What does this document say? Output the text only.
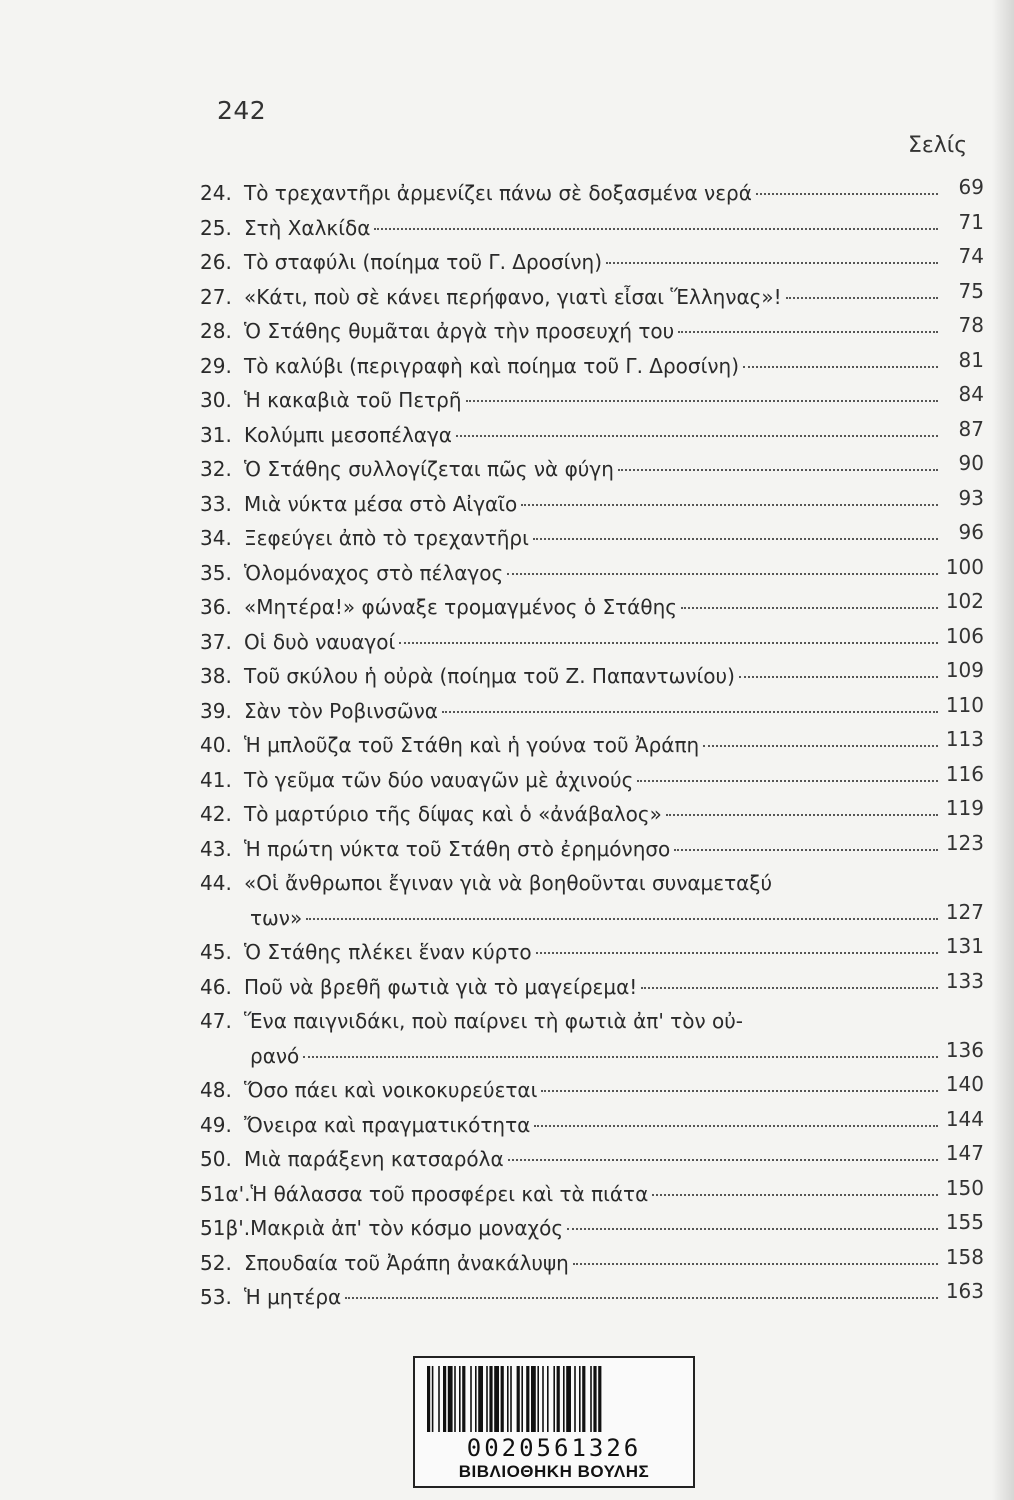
242
Σελίς
24. Τὸ τρεχαντῆρι ἀρμενίζει πάνω σὲ δοξασμένα νερά	69
25. Στὴ Χαλκίδα	71
26. Τὸ σταφύλι (ποίημα τοῦ Γ. Δροσίνη)	74
27. «Κάτι, ποὺ σὲ κάνει περήφανο, γιατὶ εἶσαι Ἕλληνας»!	75
28. Ὁ Στάθης θυμᾶται ἀργὰ τὴν προσευχή του	78
29. Τὸ καλύβι (περιγραφὴ καὶ ποίημα τοῦ Γ. Δροσίνη)	81
30. Ἡ κακαβιὰ τοῦ Πετρῆ	84
31. Κολύμπι μεσοπέλαγα	87
32. Ὁ Στάθης συλλογίζεται πῶς νὰ φύγη	90
33. Μιὰ νύκτα μέσα στὸ Αἰγαῖο	93
34. Ξεφεύγει ἀπὸ τὸ τρεχαντῆρι	96
35. Ὁλομόναχος στὸ πέλαγος	100
36. «Μητέρα!» φώναξε τρομαγμένος ὁ Στάθης	102
37. Οἱ δυὸ ναυαγοί	106
38. Τοῦ σκύλου ἡ οὐρὰ (ποίημα τοῦ Ζ. Παπαντωνίου)	109
39. Σὰν τὸν Ροβινσῶνα	110
40. Ἡ μπλοῦζα τοῦ Στάθη καὶ ἡ γούνα τοῦ Ἀράπη	113
41. Τὸ γεῦμα τῶν δύο ναυαγῶν μὲ ἀχινούς	116
42. Τὸ μαρτύριο τῆς δίψας καὶ ὁ «ἀνάβαλος»	119
43. Ἡ πρώτη νύκτα τοῦ Στάθη στὸ ἐρημόνησο	123
44. «Οἱ ἄνθρωποι ἔγιναν γιὰ νὰ βοηθοῦνται συναμεταξύ
των»	127
45. Ὁ Στάθης πλέκει ἕναν κύρτο	131
46. Ποῦ νὰ βρεθῆ φωτιὰ γιὰ τὸ μαγείρεμα!	133
47. Ἕνα παιγνιδάκι, ποὺ παίρνει τὴ φωτιὰ ἀπ' τὸν οὐ-
ρανό	136
48. Ὅσο πάει καὶ νοικοκυρεύεται	140
49. Ὄνειρα καὶ πραγματικότητα	144
50. Μιὰ παράξενη κατσαρόλα	147
51α'. Ἡ θάλασσα τοῦ προσφέρει καὶ τὰ πιάτα	150
51β'. Μακριὰ ἀπ' τὸν κόσμο μοναχός	155
52. Σπουδαία τοῦ Ἀράπη ἀνακάλυψη	158
53. Ἡ μητέρα	163
0020561326
ΒΙΒΛΙΟΘΗΚΗ ΒΟΥΛΗΣ
